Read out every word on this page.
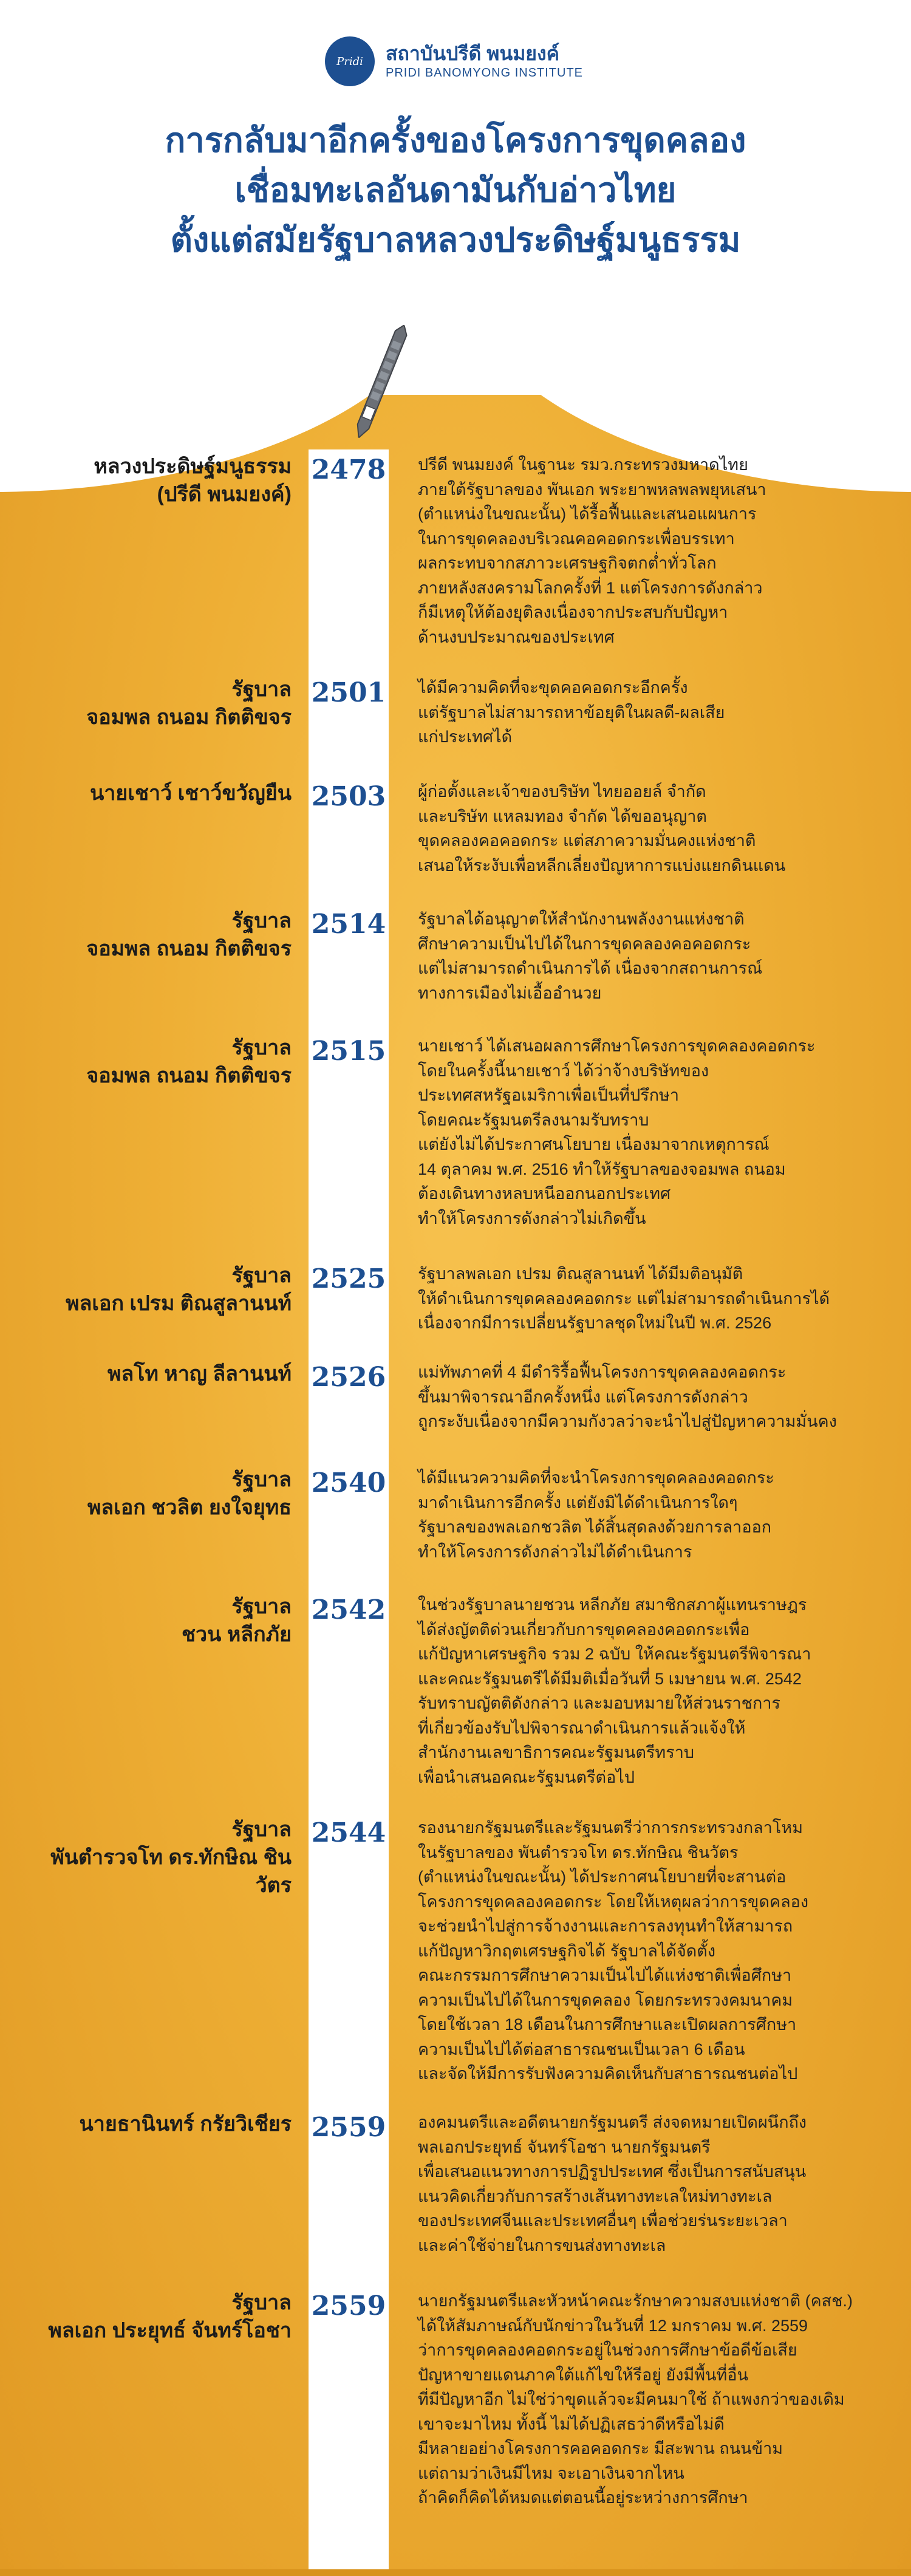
Pridi	สถาบันปรีดี พนมยงค์
PRIDI BANOMYONG INSTITUTE
การกลับมาอีกครั้งของโครงการขุดคลอง
เชื่อมทะเลอันดามันกับอ่าวไทย
ตั้งแต่สมัยรัฐบาลหลวงประดิษฐ์มนูธรรม
หลวงประดิษฐ์มนูธรรม
(ปรีดี พนมยงค์)
2478 ปรีดี พนมยงค์ ในฐานะ รมว.กระทรวงมหาดไทย
ภายใต้รัฐบาลของ พันเอก พระยาพหลพลพยุหเสนา
(ตำแหน่งในขณะนั้น) ได้รื้อฟื้นและเสนอแผนการ
ในการขุดคลองบริเวณคอคอดกระเพื่อบรรเทา
ผลกระทบจากสภาวะเศรษฐกิจตกต่ำทั่วโลก
ภายหลังสงครามโลกครั้งที่ 1 แต่โครงการดังกล่าว
ก็มีเหตุให้ต้องยุติลงเนื่องจากประสบกับปัญหา
ด้านงบประมาณของประเทศ
รัฐบาล
จอมพล ถนอม กิตติขจร
2501 ได้มีความคิดที่จะขุดคอคอดกระอีกครั้ง
แต่รัฐบาลไม่สามารถหาข้อยุติในผลดี-ผลเสีย
แก่ประเทศได้
นายเชาว์ เชาว์ขวัญยืน 2503 ผู้ก่อตั้งและเจ้าของบริษัท ไทยออยล์ จำกัด
และบริษัท แหลมทอง จำกัด ได้ขออนุญาต
ขุดคลองคอคอดกระ แต่สภาความมั่นคงแห่งชาติ
เสนอให้ระงับเพื่อหลีกเลี่ยงปัญหาการแบ่งแยกดินแดน
รัฐบาล
จอมพล ถนอม กิตติขจร
2514 รัฐบาลได้อนุญาตให้สำนักงานพลังงานแห่งชาติ
ศึกษาความเป็นไปได้ในการขุดคลองคอคอดกระ
แต่ไม่สามารถดำเนินการได้ เนื่องจากสถานการณ์
ทางการเมืองไม่เอื้ออำนวย
รัฐบาล
จอมพล ถนอม กิตติขจร
2515 นายเชาว์ ได้เสนอผลการศึกษาโครงการขุดคลองคอดกระ
โดยในครั้งนี้นายเชาว์ ได้ว่าจ้างบริษัทของ
ประเทศสหรัฐอเมริกาเพื่อเป็นที่ปรึกษา
โดยคณะรัฐมนตรีลงนามรับทราบ
แต่ยังไม่ได้ประกาศนโยบาย เนื่องมาจากเหตุการณ์
14 ตุลาคม พ.ศ. 2516 ทำให้รัฐบาลของจอมพล ถนอม
ต้องเดินทางหลบหนีออกนอกประเทศ
ทำให้โครงการดังกล่าวไม่เกิดขึ้น
รัฐบาล
พลเอก เปรม ติณสูลานนท์
2525 รัฐบาลพลเอก เปรม ติณสูลานนท์ ได้มีมติอนุมัติ
ให้ดำเนินการขุดคลองคอดกระ แต่ไม่สามารถดำเนินการได้
เนื่องจากมีการเปลี่ยนรัฐบาลชุดใหม่ในปี พ.ศ. 2526
พลโท หาญ ลีลานนท์ 2526 แม่ทัพภาคที่ 4 มีดำริรื้อฟื้นโครงการขุดคลองคอดกระ
ขึ้นมาพิจารณาอีกครั้งหนึ่ง แต่โครงการดังกล่าว
ถูกระงับเนื่องจากมีความกังวลว่าจะนำไปสู่ปัญหาความมั่นคง
รัฐบาล
พลเอก ชวลิต ยงใจยุทธ
2540 ได้มีแนวความคิดที่จะนำโครงการขุดคลองคอดกระ
มาดำเนินการอีกครั้ง แต่ยังมิได้ดำเนินการใดๆ
รัฐบาลของพลเอกชวลิต ได้สิ้นสุดลงด้วยการลาออก
ทำให้โครงการดังกล่าวไม่ได้ดำเนินการ
รัฐบาล
ชวน หลีกภัย
2542 ในช่วงรัฐบาลนายชวน หลีกภัย สมาชิกสภาผู้แทนราษฎร
ได้ส่งญัตติด่วนเกี่ยวกับการขุดคลองคอดกระเพื่อ
แก้ปัญหาเศรษฐกิจ รวม 2 ฉบับ ให้คณะรัฐมนตรีพิจารณา
และคณะรัฐมนตรีได้มีมติเมื่อวันที่ 5 เมษายน พ.ศ. 2542
รับทราบญัตติดังกล่าว และมอบหมายให้ส่วนราชการ
ที่เกี่ยวข้องรับไปพิจารณาดำเนินการแล้วแจ้งให้
สำนักงานเลขาธิการคณะรัฐมนตรีทราบ
เพื่อนำเสนอคณะรัฐมนตรีต่อไป
รัฐบาล
พันตำรวจโท ดร.ทักษิณ ชินวัตร
2544 รองนายกรัฐมนตรีและรัฐมนตรีว่าการกระทรวงกลาโหม
ในรัฐบาลของ พันตำรวจโท ดร.ทักษิณ ชินวัตร
(ตำแหน่งในขณะนั้น) ได้ประกาศนโยบายที่จะสานต่อ
โครงการขุดคลองคอดกระ โดยให้เหตุผลว่าการขุดคลอง
จะช่วยนำไปสู่การจ้างงานและการลงทุนทำให้สามารถ
แก้ปัญหาวิกฤตเศรษฐกิจได้ รัฐบาลได้จัดตั้ง
คณะกรรมการศึกษาความเป็นไปได้แห่งชาติเพื่อศึกษา
ความเป็นไปได้ในการขุดคลอง โดยกระทรวงคมนาคม
โดยใช้เวลา 18 เดือนในการศึกษาและเปิดผลการศึกษา
ความเป็นไปได้ต่อสาธารณชนเป็นเวลา 6 เดือน
และจัดให้มีการรับฟังความคิดเห็นกับสาธารณชนต่อไป
นายธานินทร์ กรัยวิเชียร 2559 องคมนตรีและอดีตนายกรัฐมนตรี ส่งจดหมายเปิดผนึกถึง
พลเอกประยุทธ์ จันทร์โอชา นายกรัฐมนตรี
เพื่อเสนอแนวทางการปฏิรูปประเทศ ซึ่งเป็นการสนับสนุน
แนวคิดเกี่ยวกับการสร้างเส้นทางทะเลใหม่ทางทะเล
ของประเทศจีนและประเทศอื่นๆ เพื่อช่วยร่นระยะเวลา
และค่าใช้จ่ายในการขนส่งทางทะเล
รัฐบาล
พลเอก ประยุทธ์ จันทร์โอชา
2559 นายกรัฐมนตรีและหัวหน้าคณะรักษาความสงบแห่งชาติ (คสช.)
ได้ให้สัมภาษณ์กับนักข่าวในวันที่ 12 มกราคม พ.ศ. 2559
ว่าการขุดคลองคอดกระอยู่ในช่วงการศึกษาข้อดีข้อเสีย
ปัญหาขายแดนภาคใต้แก้ไขให้รีอยู่ ยังมีพื้นที่อื่น
ที่มีปัญหาอีก ไม่ใช่ว่าขุดแล้วจะมีคนมาใช้ ถ้าแพงกว่าของเดิม
เขาจะมาไหม ทั้งนี้ ไม่ได้ปฏิเสธว่าดีหรือไม่ดี
มีหลายอย่างโครงการคอคอดกระ มีสะพาน ถนนข้าม
แต่ถามว่าเงินมีไหม จะเอาเงินจากไหน
ถ้าคิดก็คิดได้หมดแต่ตอนนี้อยู่ระหว่างการศึกษา
